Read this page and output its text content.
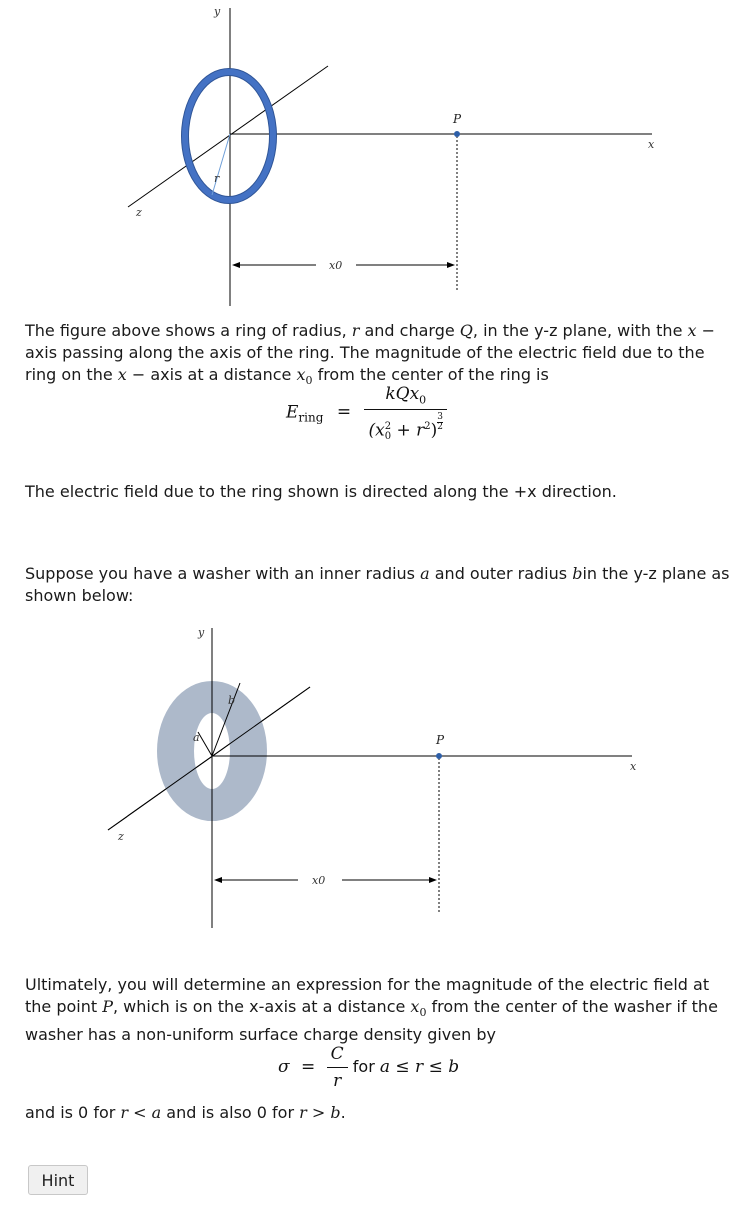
y
z
r
x
P
x0
The figure above shows a ring of radius, r and charge Q, in the y-z plane, with the x − axis passing along the axis of the ring. The magnitude of the electric field due to the ring on the x − axis at a distance $x_0$ from the center of the ring is
$E_{ring} = kQx_0$
(x 2
$0 + r^2) \frac{3}{2}$
The electric field due to the ring shown is directed along the +x direction.
Suppose you have a washer with an inner radius a and outer radius bin the y-z plane as shown below:
y
z
a
b
x
P
x0
Ultimately, you will determine an expression for the magnitude of the electric field at the point P, which is on the x-axis at a distance $x_0$ from the center of the washer if the washer has a non-uniform surface charge density given by
$\sigma = \frac{C}{r}$ for a ≤ r ≤ b
and is 0 for r < a and is also 0 for r > b.
Hint
